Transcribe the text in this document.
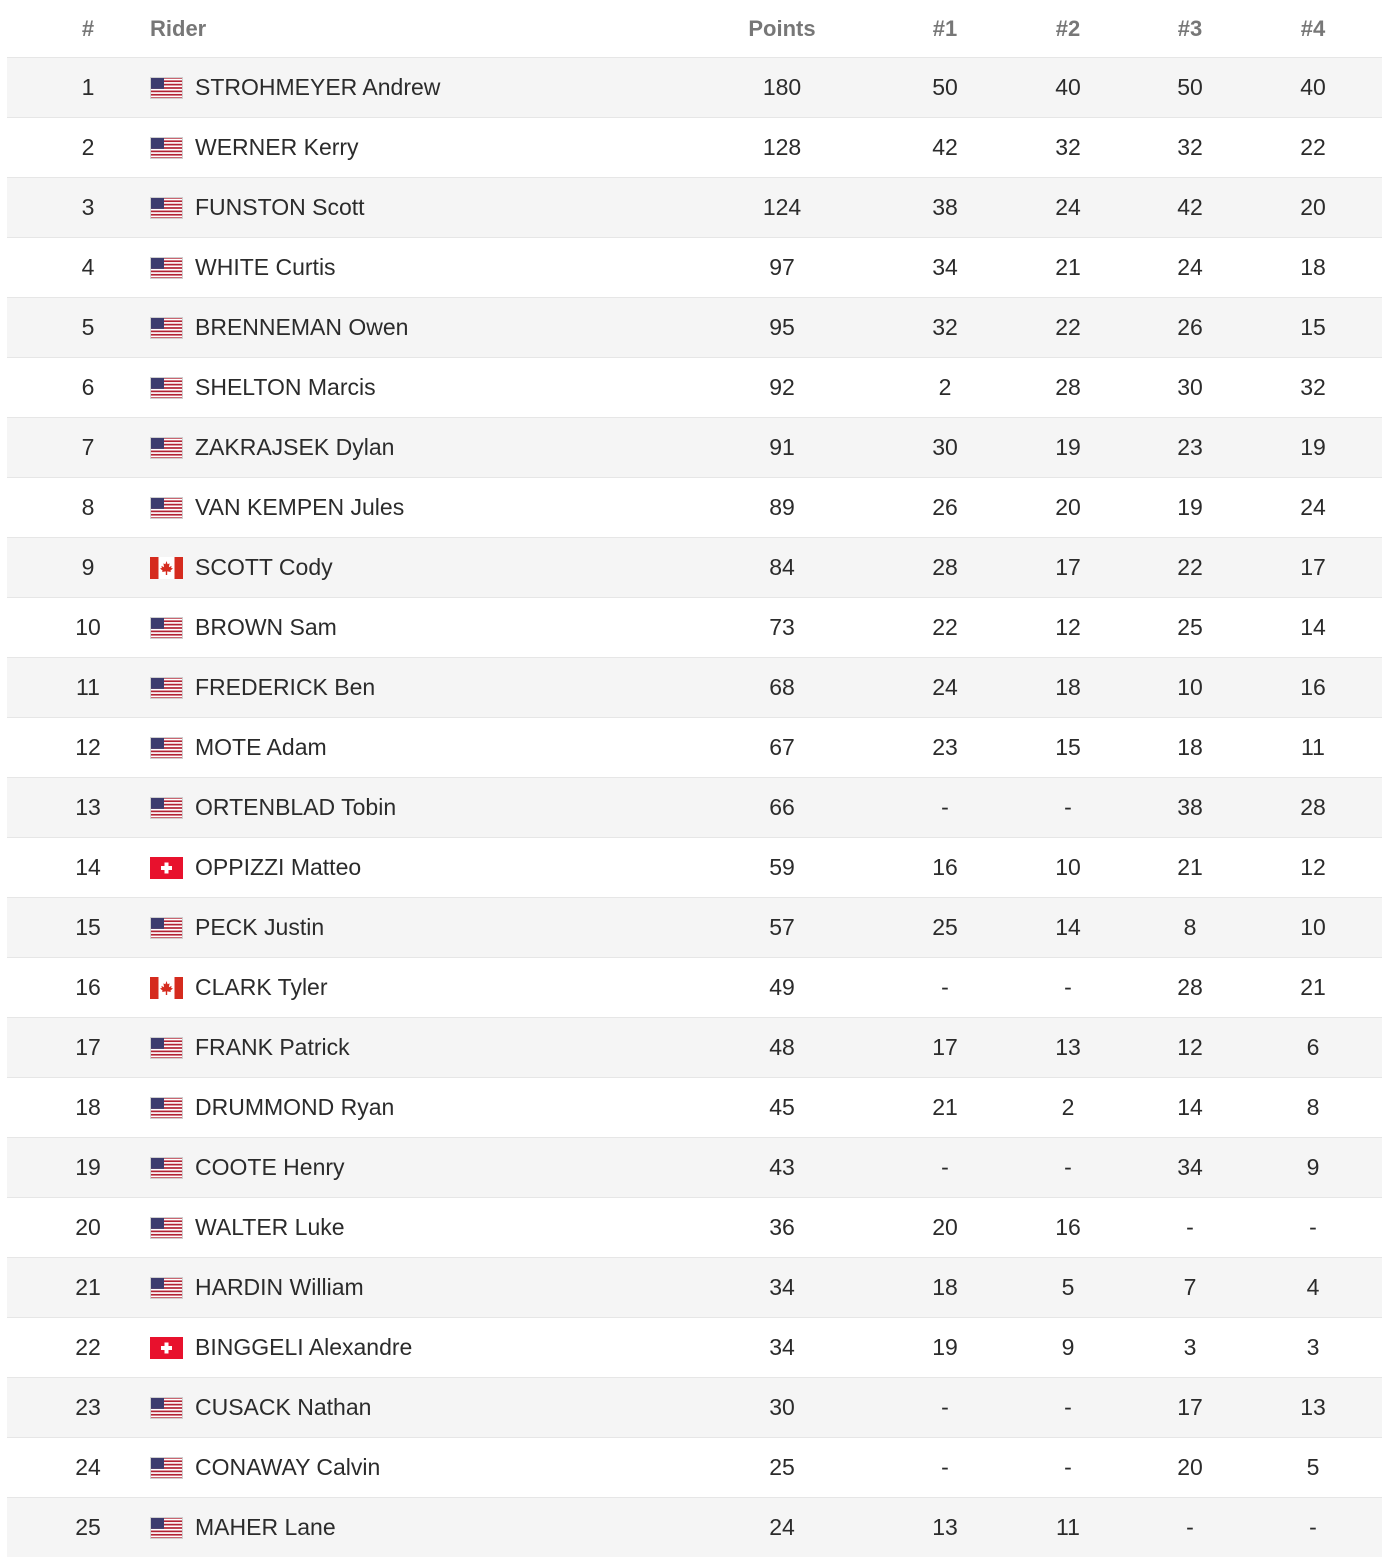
#	Rider	Points	#1	#2	#3	#4
1	STROHMEYER Andrew	180	50	40	50	40
2	WERNER Kerry	128	42	32	32	22
3	FUNSTON Scott	124	38	24	42	20
4	WHITE Curtis	97	34	21	24	18
5	BRENNEMAN Owen	95	32	22	26	15
6	SHELTON Marcis	92	2	28	30	32
7	ZAKRAJSEK Dylan	91	30	19	23	19
8	VAN KEMPEN Jules	89	26	20	19	24
9	SCOTT Cody	84	28	17	22	17
10	BROWN Sam	73	22	12	25	14
11	FREDERICK Ben	68	24	18	10	16
12	MOTE Adam	67	23	15	18	11
13	ORTENBLAD Tobin	66	-	-	38	28
14	OPPIZZI Matteo	59	16	10	21	12
15	PECK Justin	57	25	14	8	10
16	CLARK Tyler	49	-	-	28	21
17	FRANK Patrick	48	17	13	12	6
18	DRUMMOND Ryan	45	21	2	14	8
19	COOTE Henry	43	-	-	34	9
20	WALTER Luke	36	20	16	-	-
21	HARDIN William	34	18	5	7	4
22	BINGGELI Alexandre	34	19	9	3	3
23	CUSACK Nathan	30	-	-	17	13
24	CONAWAY Calvin	25	-	-	20	5
25	MAHER Lane	24	13	11	-	-
